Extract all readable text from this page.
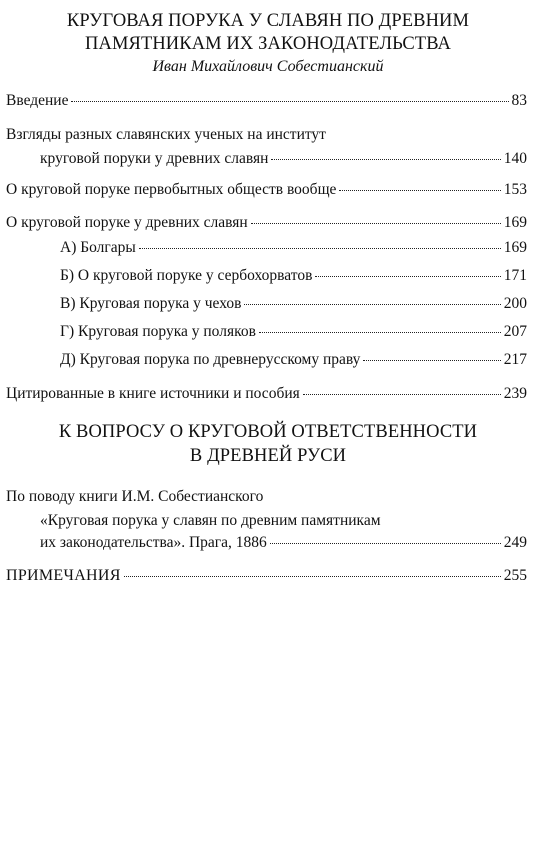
КРУГОВАЯ ПОРУКА У СЛАВЯН ПО ДРЕВНИМ
ПАМЯТНИКАМ ИХ ЗАКОНОДАТЕЛЬСТВА
Иван Михайлович Собестианский
Введение	83
Взгляды разных славянских ученых на институт
круговой поруки у древних славян	140
О круговой поруке первобытных обществ вообще	153
О круговой поруке у древних славян	169
А) Болгары	169
Б) О круговой поруке у сербохорватов	171
В) Круговая порука у чехов	200
Г) Круговая порука у поляков	207
Д) Круговая порука по древнерусскому праву	217
Цитированные в книге источники и пособия	239
К ВОПРОСУ О КРУГОВОЙ ОТВЕТСТВЕННОСТИ
В ДРЕВНЕЙ РУСИ
По поводу книги И.М. Собестианского
«Круговая порука у славян по древним памятникам
их законодательства». Прага, 1886	249
ПРИМЕЧАНИЯ	255
